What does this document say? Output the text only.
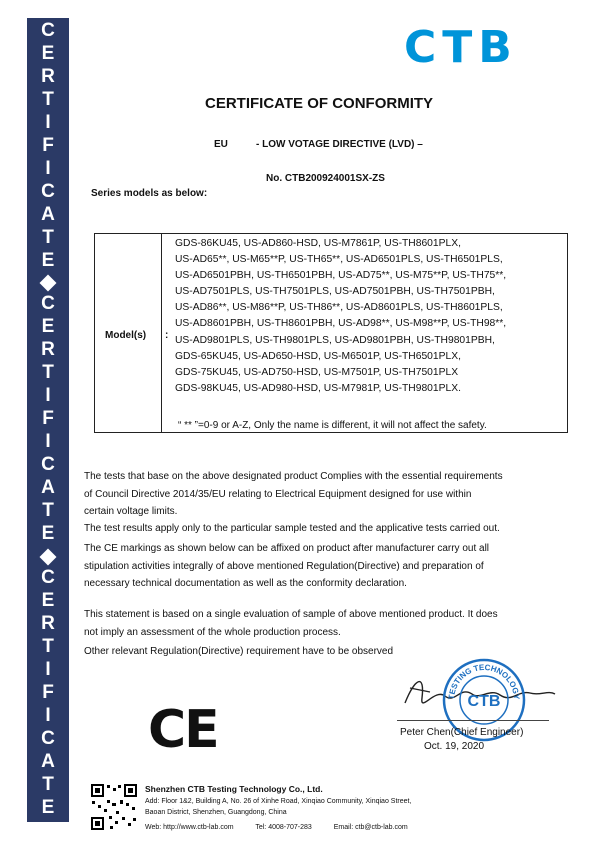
CERTIFICATE
CERTIFICATE
CERTIFICATE
CTB
CERTIFICATE OF CONFORMITY
EU	- LOW VOTAGE DIRECTIVE (LVD) –
No. CTB200924001SX-ZS
Series models as below:
Model(s) :
GDS-86KU45, US-AD860-HSD, US-M7861P, US-TH8601PLX,
US-AD65**, US-M65**P, US-TH65**, US-AD6501PLS, US-TH6501PLS,
US-AD6501PBH, US-TH6501PBH, US-AD75**, US-M75**P, US-TH75**,
US-AD7501PLS, US-TH7501PLS, US-AD7501PBH, US-TH7501PBH,
US-AD86**, US-M86**P, US-TH86**, US-AD8601PLS, US-TH8601PLS,
US-AD8601PBH, US-TH8601PBH, US-AD98**, US-M98**P, US-TH98**,
US-AD9801PLS, US-TH9801PLS, US-AD9801PBH, US-TH9801PBH,
GDS-65KU45, US-AD650-HSD, US-M6501P, US-TH6501PLX,
GDS-75KU45, US-AD750-HSD, US-M7501P, US-TH7501PLX
GDS-98KU45, US-AD980-HSD, US-M7981P, US-TH9801PLX.
“ ** ”=0-9 or A-Z, Only the name is different, it will not affect the safety.
The tests that base on the above designated product Complies with the essential requirements
of Council Directive 2014/35/EU relating to Electrical Equipment designed for use within
certain voltage limits.
The test results apply only to the particular sample tested and the applicative tests carried out.
The CE markings as shown below can be affixed on product after manufacturer carry out all
stipulation activities integrally of above mentioned Regulation(Directive) and preparation of
necessary technical documentation as well as the conformity declaration.
This statement is based on a single evaluation of sample of above mentioned product. It does
not imply an assessment of the whole production process.
Other relevant Regulation(Directive) requirement have to be observed
CE
TESTING TECHNOLOGY
CTB
Peter Chen(Chief Engineer)
Oct. 19, 2020
Shenzhen CTB Testing Technology Co., Ltd.
Add: Floor 1&2, Building A, No. 26 of Xinhe Road, Xinqiao Community, Xinqiao Street,
Baoan District, Shenzhen, Guangdong, China
Web: http://www.ctb-lab.com	Tel: 4008-707-283	Email: ctb@ctb-lab.com
